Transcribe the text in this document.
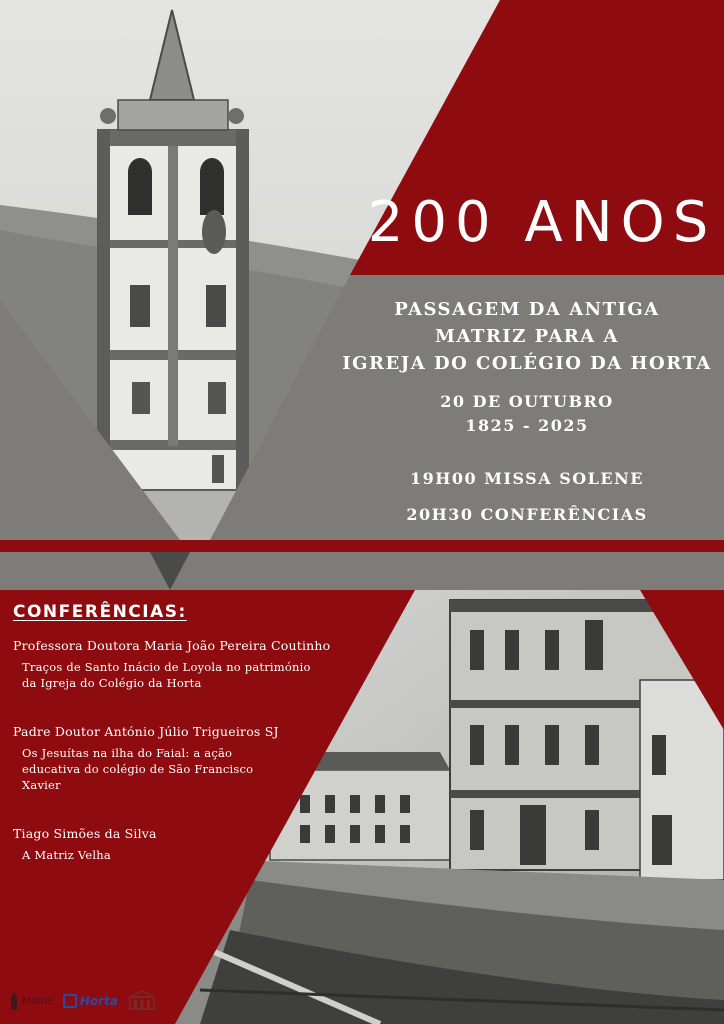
200 ANOS
PASSAGEM DA ANTIGA
MATRIZ PARA A
IGREJA DO COLÉGIO DA HORTA
20 DE OUTUBRO
1825 - 2025
19H00 MISSA SOLENE
20H30 CONFERÊNCIAS
CONFERÊNCIAS:

Professora Doutora Maria João Pereira Coutinho

Traços de Santo Inácio de Loyola no património
da Igreja do Colégio da Horta

Padre Doutor António Júlio Trigueiros SJ

Os Jesuítas na ilha do Faial: a ação
educativa do colégio de São Francisco
Xavier

Tiago Simões da Silva

A Matriz Velha

Matriz Horta
